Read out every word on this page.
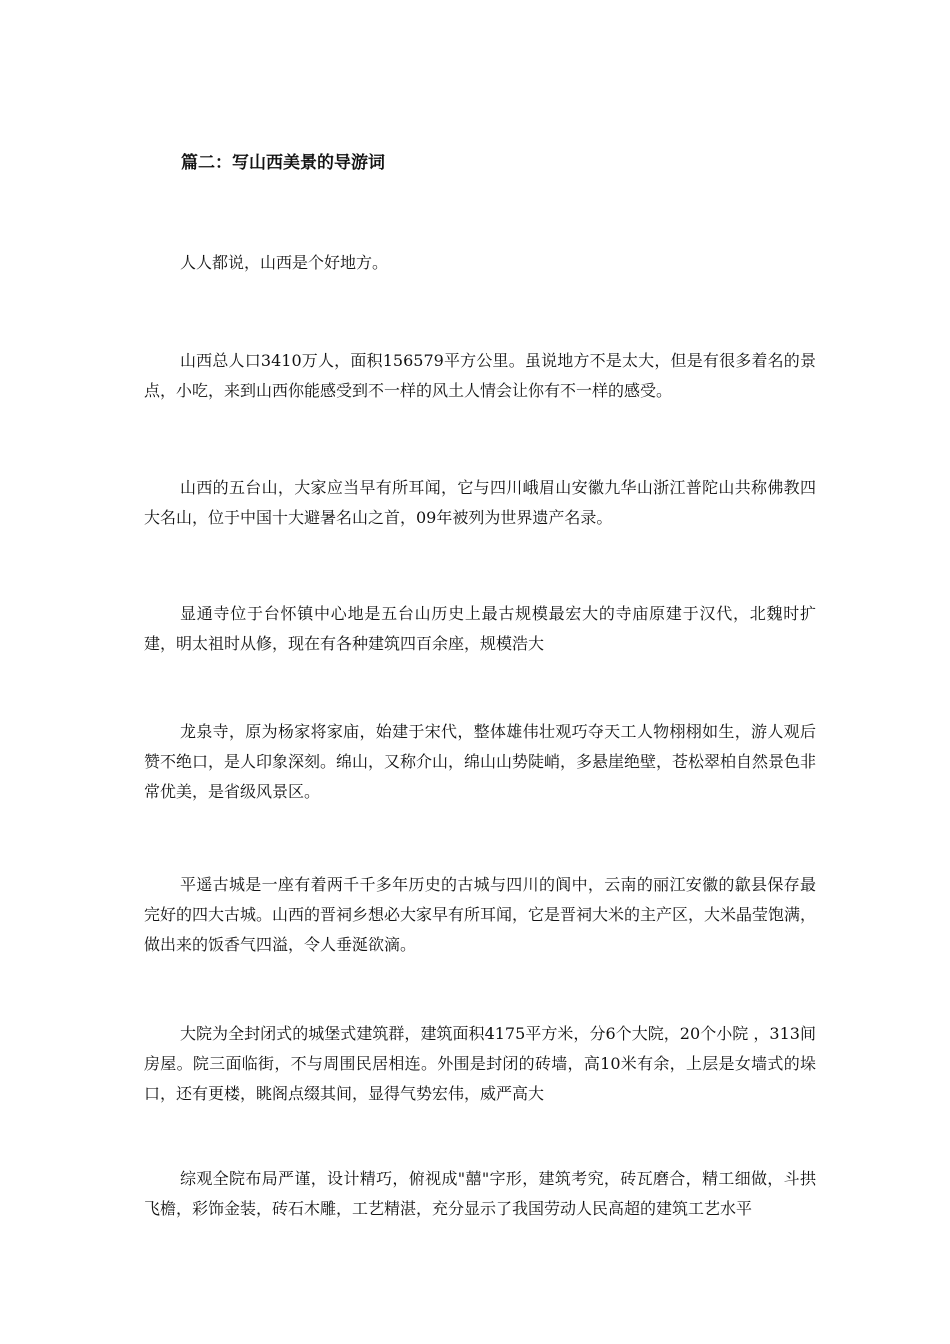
篇二：写山西美景的导游词

人人都说，山西是个好地方。

山西总人口3410万人，面积156579平方公里。虽说地方不是太大，但是有很多着名的景点，小吃，来到山西你能感受到不一样的风土人情会让你有不一样的感受。

山西的五台山，大家应当早有所耳闻，它与四川峨眉山安徽九华山浙江普陀山共称佛教四大名山，位于中国十大避暑名山之首，09年被列为世界遗产名录。

显通寺位于台怀镇中心地是五台山历史上最古规模最宏大的寺庙原建于汉代，北魏时扩建，明太祖时从修，现在有各种建筑四百余座，规模浩大

龙泉寺，原为杨家将家庙，始建于宋代，整体雄伟壮观巧夺天工人物栩栩如生，游人观后赞不绝口，是人印象深刻。绵山，又称介山，绵山山势陡峭，多悬崖绝壁，苍松翠柏自然景色非常优美，是省级风景区。

平遥古城是一座有着两千千多年历史的古城与四川的阆中，云南的丽江安徽的歙县保存最完好的四大古城。山西的晋祠乡想必大家早有所耳闻，它是晋祠大米的主产区，大米晶莹饱满，做出来的饭香气四溢，令人垂涎欲滴。

大院为全封闭式的城堡式建筑群，建筑面积4175平方米，分6个大院，20个小院 ，313间房屋。院三面临街，不与周围民居相连。外围是封闭的砖墙，高10米有余，上层是女墙式的垛口，还有更楼，眺阁点缀其间，显得气势宏伟，威严高大

综观全院布局严谨，设计精巧，俯视成"囍"字形，建筑考究，砖瓦磨合，精工细做，斗拱飞檐，彩饰金装，砖石木雕，工艺精湛，充分显示了我国劳动人民高超的建筑工艺水平
